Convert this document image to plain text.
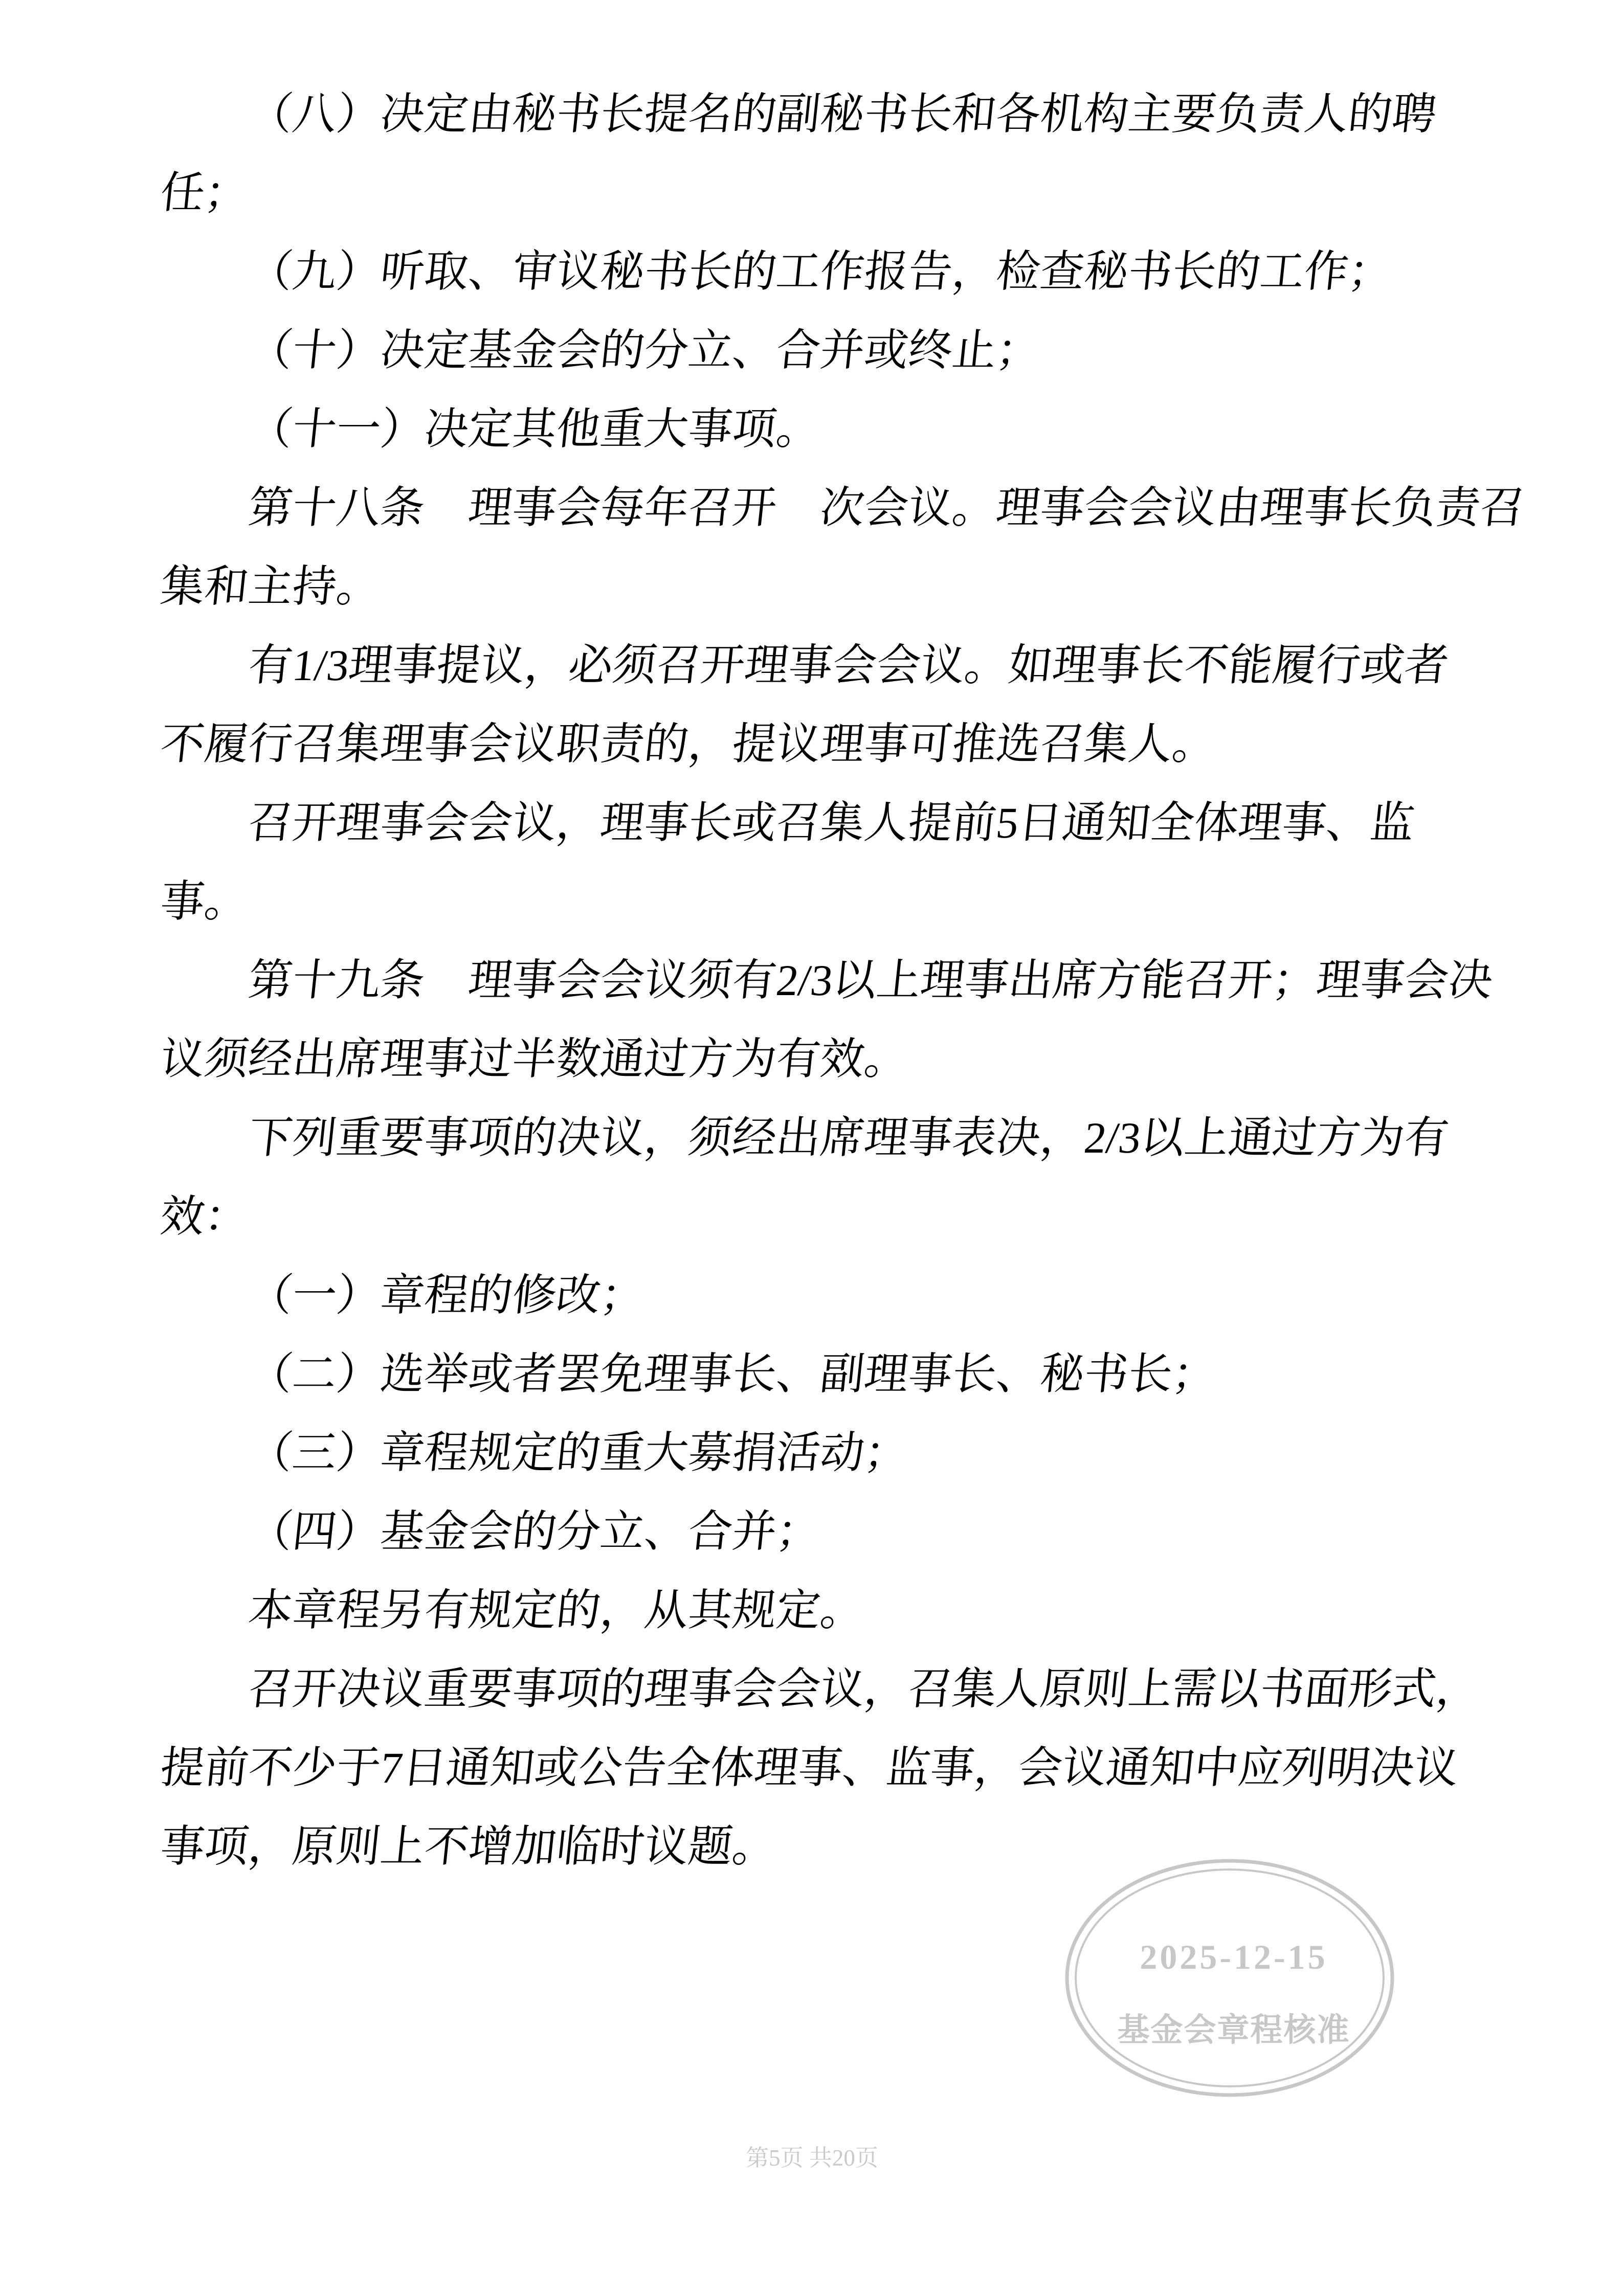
（八）决定由秘书长提名的副秘书长和各机构主要负责人的聘
任；
（九）听取、审议秘书长的工作报告，检查秘书长的工作；
（十）决定基金会的分立、合并或终止；
（十一）决定其他重大事项。
第十八条　理事会每年召开　次会议。理事会会议由理事长负责召
集和主持。
有1/3理事提议，必须召开理事会会议。如理事长不能履行或者
不履行召集理事会议职责的，提议理事可推选召集人。
召开理事会会议，理事长或召集人提前5日通知全体理事、监
事。
第十九条　理事会会议须有2/3以上理事出席方能召开；理事会决
议须经出席理事过半数通过方为有效。
下列重要事项的决议，须经出席理事表决，2/3以上通过方为有
效：
（一）章程的修改；
（二）选举或者罢免理事长、副理事长、秘书长；
（三）章程规定的重大募捐活动；
（四）基金会的分立、合并；
本章程另有规定的，从其规定。
召开决议重要事项的理事会会议，召集人原则上需以书面形式，
提前不少于7日通知或公告全体理事、监事，会议通知中应列明决议
事项，原则上不增加临时议题。
2025-12-15
基金会章程核准
第5页 共20页
